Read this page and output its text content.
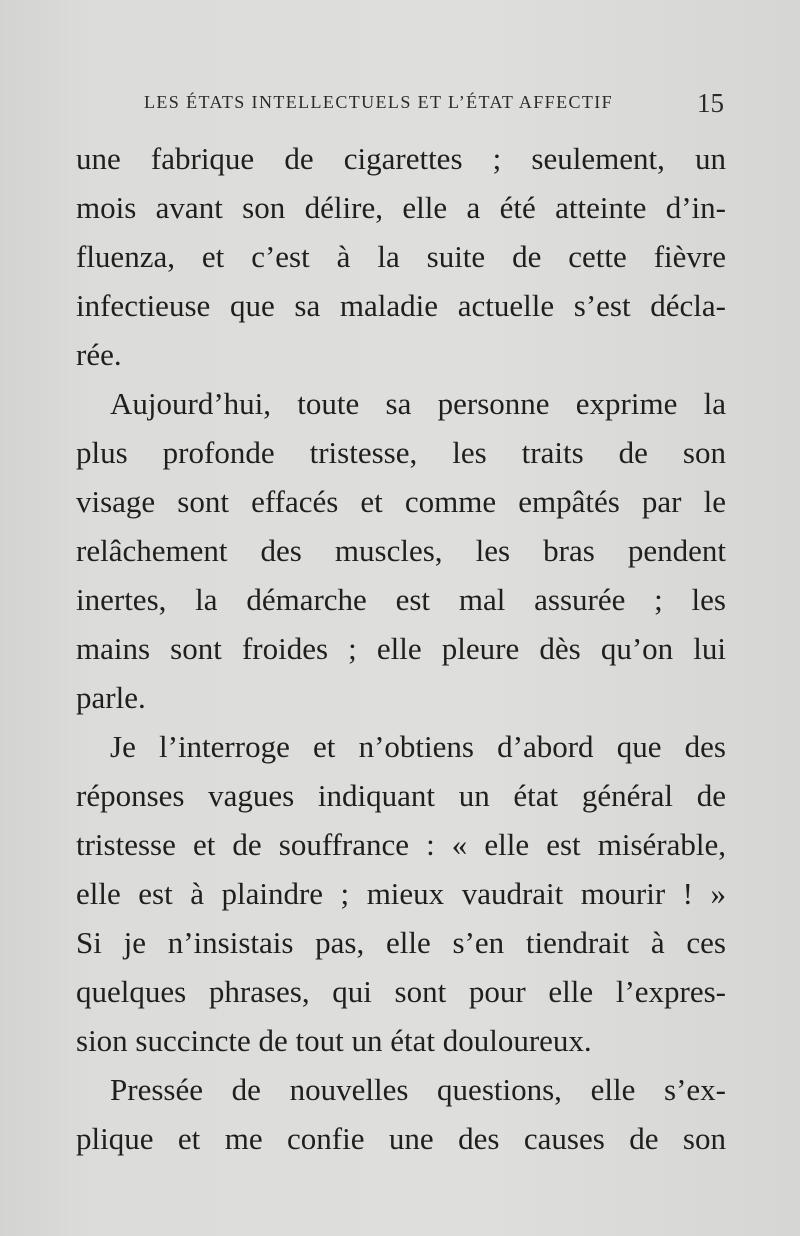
LES ÉTATS INTELLECTUELS ET L’ÉTAT AFFECTIF	15
une fabrique de cigarettes ; seulement, un
mois avant son délire, elle a été atteinte d’in-
fluenza, et c’est à la suite de cette fièvre
infectieuse que sa maladie actuelle s’est décla-
rée.
Aujourd’hui, toute sa personne exprime la
plus profonde tristesse, les traits de son
visage sont effacés et comme empâtés par le
relâchement des muscles, les bras pendent
inertes, la démarche est mal assurée ; les
mains sont froides ; elle pleure dès qu’on lui
parle.
Je l’interroge et n’obtiens d’abord que des
réponses vagues indiquant un état général de
tristesse et de souffrance : « elle est misérable,
elle est à plaindre ; mieux vaudrait mourir ! »
Si je n’insistais pas, elle s’en tiendrait à ces
quelques phrases, qui sont pour elle l’expres-
sion succincte de tout un état douloureux.
Pressée de nouvelles questions, elle s’ex-
plique et me confie une des causes de son
